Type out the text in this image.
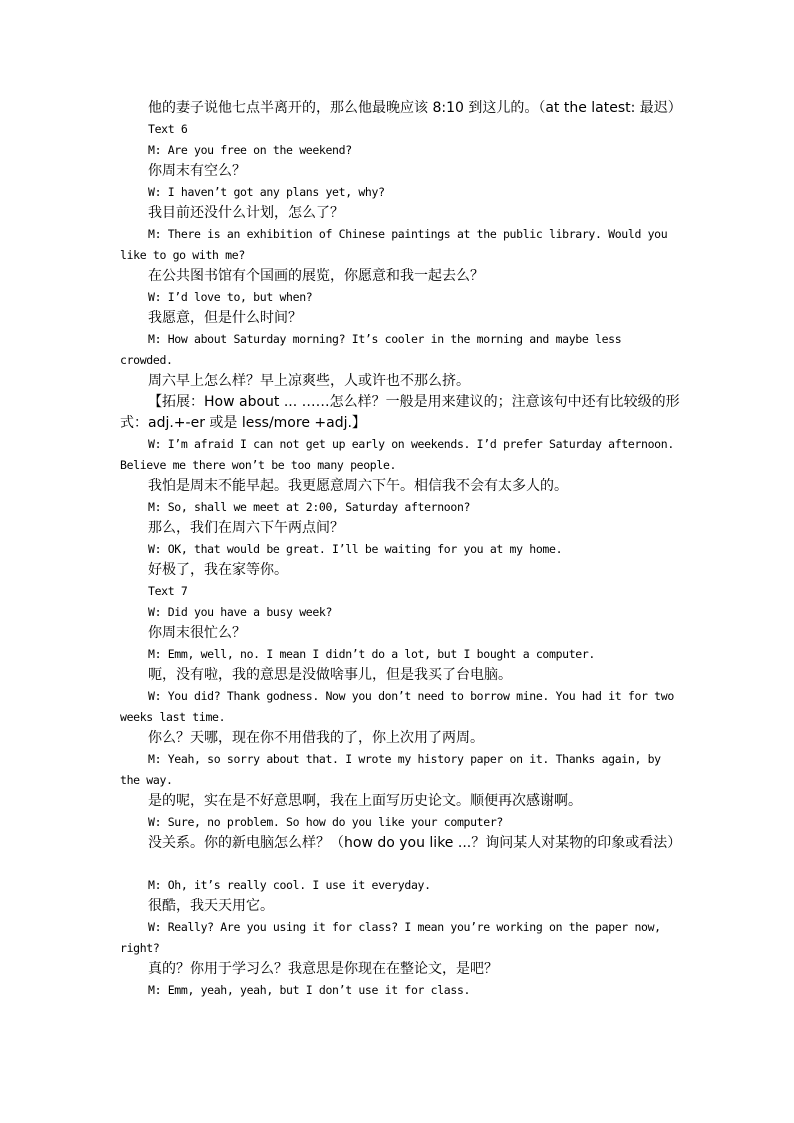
他的妻子说他七点半离开的，那么他最晚应该 8:10 到这儿的。（at the latest: 最迟）

Text 6

M: Are you free on the weekend?

你周末有空么？

W: I haven’t got any plans yet, why?

我目前还没什么计划，怎么了？

M: There is an exhibition of Chinese paintings at the public library. Would you like to go with me?

在公共图书馆有个国画的展览，你愿意和我一起去么？

W: I’d love to, but when?

我愿意，但是什么时间？

M: How about Saturday morning? It’s cooler in the morning and maybe less crowded.

周六早上怎么样？早上凉爽些，人或许也不那么挤。

【拓展：How about ... ……怎么样？一般是用来建议的；注意该句中还有比较级的形式：adj.+-er 或是 less/more +adj.】

W: I’m afraid I can not get up early on weekends. I’d prefer Saturday afternoon. Believe me there won’t be too many people.

我怕是周末不能早起。我更愿意周六下午。相信我不会有太多人的。

M: So, shall we meet at 2:00, Saturday afternoon?

那么，我们在周六下午两点间？

W: OK, that would be great. I’ll be waiting for you at my home.

好极了，我在家等你。

Text 7

W: Did you have a busy week?

你周末很忙么？

M: Emm, well, no. I mean I didn’t do a lot, but I bought a computer.

呃，没有啦，我的意思是没做啥事儿，但是我买了台电脑。

W: You did? Thank godness. Now you don’t need to borrow mine. You had it for two weeks last time.

你么？天哪，现在你不用借我的了，你上次用了两周。

M: Yeah, so sorry about that. I wrote my history paper on it. Thanks again, by the way.

是的呢，实在是不好意思啊，我在上面写历史论文。顺便再次感谢啊。

W: Sure, no problem. So how do you like your computer?

没关系。你的新电脑怎么样？（how do you like ...？询问某人对某物的印象或看法）

M: Oh, it’s really cool. I use it everyday.

很酷，我天天用它。

W: Really? Are you using it for class? I mean you’re working on the paper now, right?

真的？你用于学习么？我意思是你现在在整论文，是吧？

M: Emm, yeah, yeah, but I don’t use it for class.
